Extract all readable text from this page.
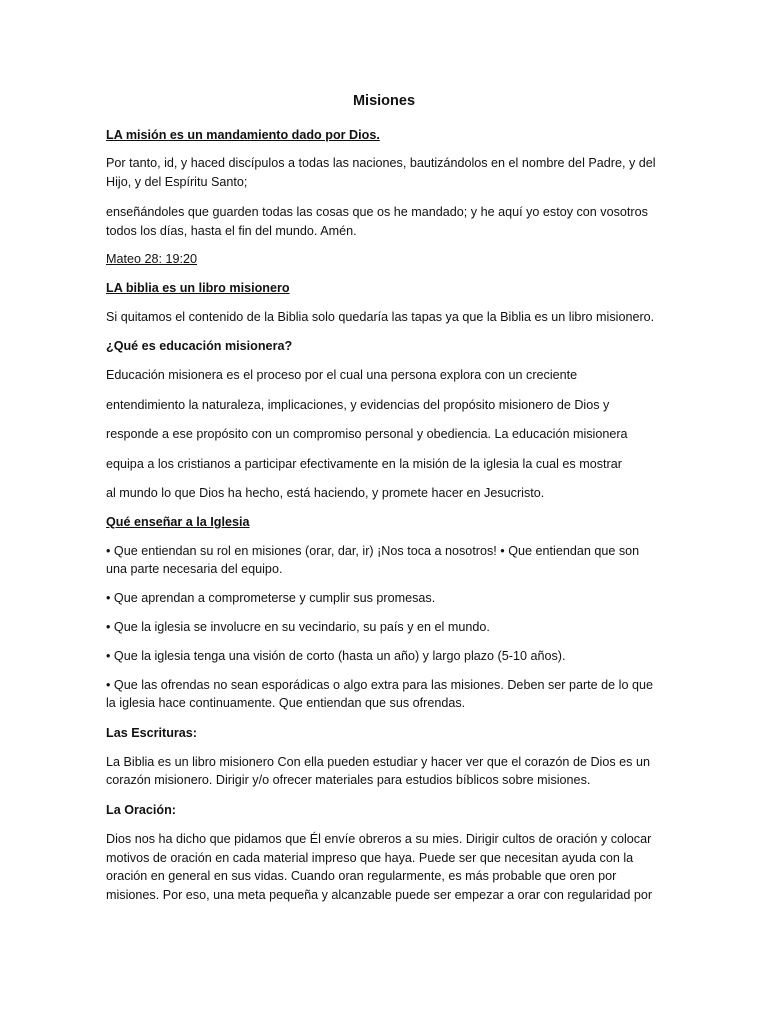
Misiones
LA misión es un mandamiento dado por Dios.
Por tanto, id, y haced discípulos a todas las naciones, bautizándolos en el nombre del Padre, y del
Hijo, y del Espíritu Santo;
enseñándoles que guarden todas las cosas que os he mandado; y he aquí yo estoy con vosotros
todos los días, hasta el fin del mundo. Amén.
Mateo 28: 19:20
LA biblia es un libro misionero
Si quitamos el contenido de la Biblia solo quedaría las tapas ya que la Biblia es un libro misionero.
¿Qué es educación misionera?
Educación misionera es el proceso por el cual una persona explora con un creciente
entendimiento la naturaleza, implicaciones, y evidencias del propósito misionero de Dios y
responde a ese propósito con un compromiso personal y obediencia. La educación misionera
equipa a los cristianos a participar efectivamente en la misión de la iglesia la cual es mostrar
al mundo lo que Dios ha hecho, está haciendo, y promete hacer en Jesucristo.
Qué enseñar a la Iglesia
• Que entiendan su rol en misiones (orar, dar, ir) ¡Nos toca a nosotros! • Que entiendan que son
una parte necesaria del equipo.
• Que aprendan a comprometerse y cumplir sus promesas.
• Que la iglesia se involucre en su vecindario, su país y en el mundo.
• Que la iglesia tenga una visión de corto (hasta un año) y largo plazo (5-10 años).
• Que las ofrendas no sean esporádicas o algo extra para las misiones. Deben ser parte de lo que
la iglesia hace continuamente. Que entiendan que sus ofrendas.
Las Escrituras:
La Biblia es un libro misionero Con ella pueden estudiar y hacer ver que el corazón de Dios es un
corazón misionero. Dirigir y/o ofrecer materiales para estudios bíblicos sobre misiones.
La Oración:
Dios nos ha dicho que pidamos que Él envíe obreros a su mies. Dirigir cultos de oración y colocar
motivos de oración en cada material impreso que haya. Puede ser que necesitan ayuda con la
oración en general en sus vidas. Cuando oran regularmente, es más probable que oren por
misiones. Por eso, una meta pequeña y alcanzable puede ser empezar a orar con regularidad por
